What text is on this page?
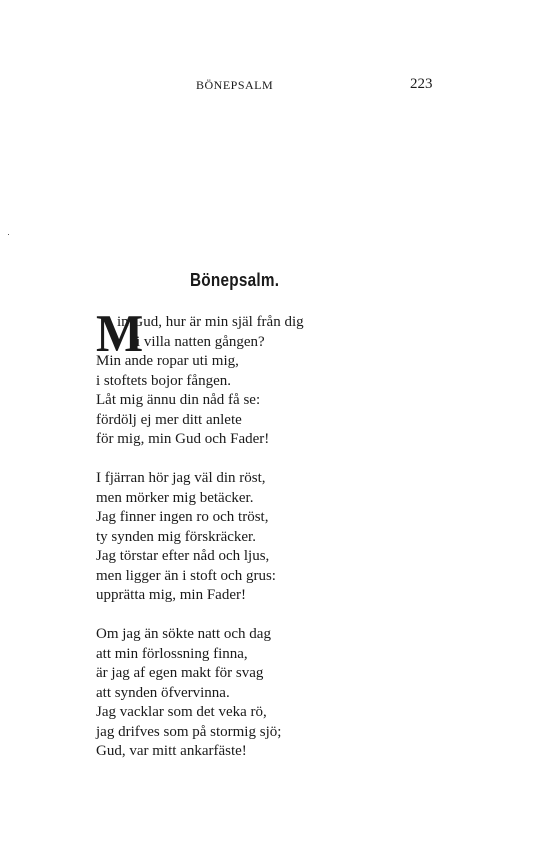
BÖNEPSALM	223
Bönepsalm.
M
in Gud, hur är min själ från dig
i villa natten gången?
Min ande ropar uti mig,
i stoftets bojor fången.
Låt mig ännu din nåd få se:
fördölj ej mer ditt anlete
för mig, min Gud och Fader!
I fjärran hör jag väl din röst,
men mörker mig betäcker.
Jag finner ingen ro och tröst,
ty synden mig förskräcker.
Jag törstar efter nåd och ljus,
men ligger än i stoft och grus:
upprätta mig, min Fader!
Om jag än sökte natt och dag
att min förlossning finna,
är jag af egen makt för svag
att synden öfvervinna.
Jag vacklar som det veka rö,
jag drifves som på stormig sjö;
Gud, var mitt ankarfäste!
